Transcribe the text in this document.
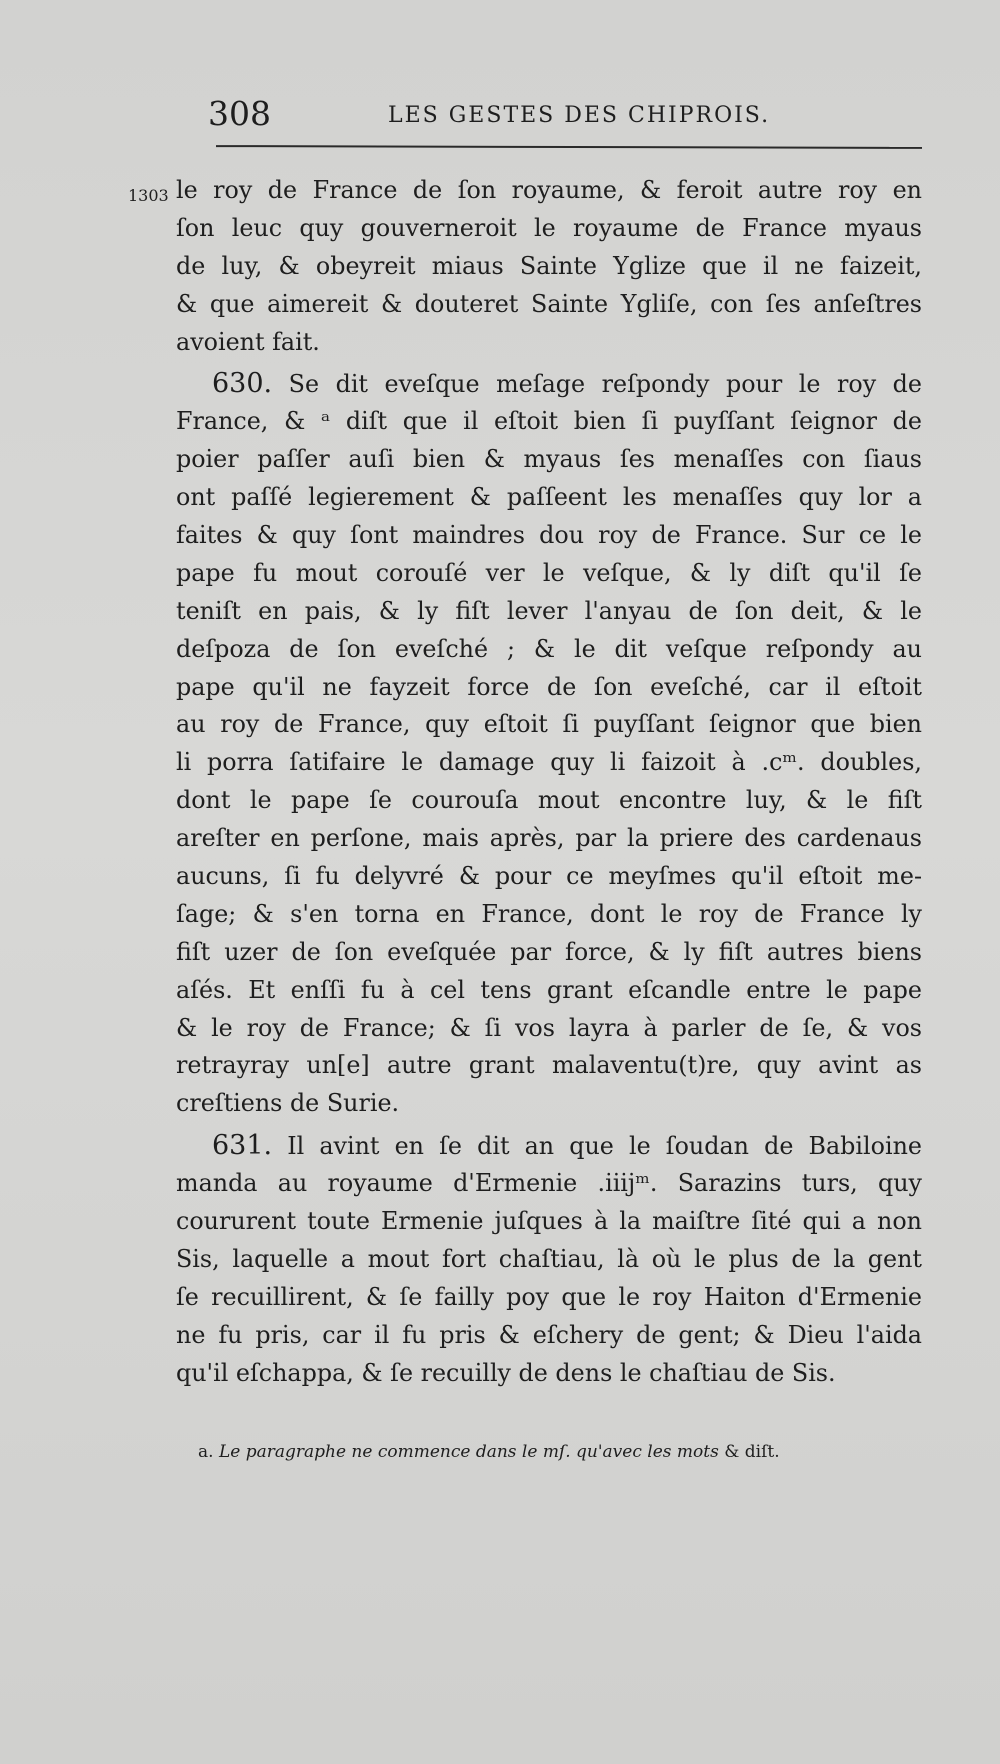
308	LES GESTES DES CHIPROIS.
1303 le roy de France de ſon royaume, & feroit autre roy en
ſon leuc quy gouverneroit le royaume de France myaus
de luy, & obeyreit miaus Sainte Yglize que il ne faizeit,
& que aimereit & douteret Sainte Ygliſe, con ſes anſeſtres
avoient fait.
630. Se dit eveſque meſage reſpondy pour le roy de
France, & ᵃ diſt que il eſtoit bien ſi puyſſant ſeignor de
poier paſſer auſi bien & myaus ſes menaſſes con ſiaus
ont paſſé legierement & paſſeent les menaſſes quy lor a
faites & quy ſont maindres dou roy de France. Sur ce le
pape fu mout corouſé ver le veſque, & ly diſt qu'il ſe
teniſt en pais, & ly fiſt lever l'anyau de ſon deit, & le
deſpoza de ſon eveſché ; & le dit veſque reſpondy au
pape qu'il ne fayzeit force de ſon eveſché, car il eſtoit
au roy de France, quy eſtoit ſi puyſſant ſeignor que bien
li porra ſatifaire le damage quy li faizoit à .cᵐ. doubles,
dont le pape ſe courouſa mout encontre luy, & le fiſt
areſter en perſone, mais après, par la priere des cardenaus
aucuns, ſi fu delyvré & pour ce meyſmes qu'il eſtoit me-
ſage; & s'en torna en France, dont le roy de France ly
fiſt uzer de ſon eveſquée par force, & ly fiſt autres biens
aſés. Et enſſi fu à cel tens grant eſcandle entre le pape
& le roy de France; & ſi vos layra à parler de ſe, & vos
retrayray un[e] autre grant malaventu(t)re, quy avint as
creſtiens de Surie.
631. Il avint en ſe dit an que le ſoudan de Babiloine
manda au royaume d'Ermenie .iiijᵐ. Sarazins turs, quy
coururent toute Ermenie juſques à la maiſtre ſité qui a non
Sis, laquelle a mout fort chaſtiau, là où le plus de la gent
ſe recuillirent, & ſe failly poy que le roy Haiton d'Ermenie
ne fu pris, car il fu pris & eſchery de gent; & Dieu l'aida
qu'il eſchappa, & ſe recuilly de dens le chaſtiau de Sis.
a. Le paragraphe ne commence dans le mſ. qu'avec les mots & diſt.
